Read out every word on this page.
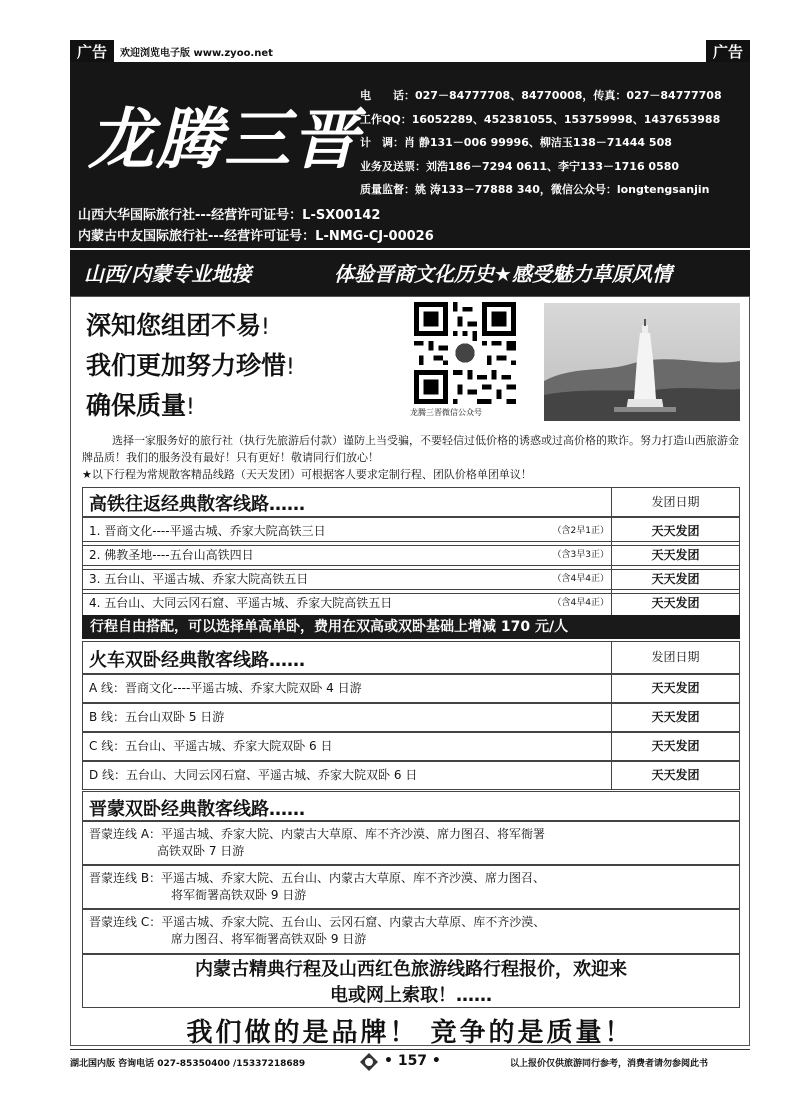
广告	欢迎浏览电子版 www.zyoo.net	广告
龙腾三晋
电　　话：027－84777708、84770008，传真：027－84777708
工作QQ：16052289、452381055、153759998、1437653988
计　调：肖 静131－006 99996、柳洁玉138－71444 508
业务及送票：刘浩186－7294 0611、李宁133－1716 0580
质量监督：姚 涛133－77888 340，微信公众号：longtengsanjin
山西大华国际旅行社---经营许可证号：L-SX00142
内蒙古中友国际旅行社---经营许可证号：L-NMG-CJ-00026
山西/内蒙专业地接	体验晋商文化历史★感受魅力草原风情
深知您组团不易!
我们更加努力珍惜!
确保质量!	龙腾三晋微信公众号
选择一家服务好的旅行社（执行先旅游后付款）谨防上当受骗，不要轻信过低价格的诱惑或过高价格的欺诈。努力打造山西旅游金牌品质！我们的服务没有最好！只有更好！敬请同行们放心！
★以下行程为常规散客精品线路（天天发团）可根据客人要求定制行程、团队价格单团单议！
高铁往返经典散客线路……	发团日期
1. 晋商文化----平遥古城、乔家大院高铁三日	（含2早1正）	天天发团
2. 佛教圣地----五台山高铁四日	（含3早3正）	天天发团
3. 五台山、平遥古城、乔家大院高铁五日	（含4早4正）	天天发团
4. 五台山、大同云冈石窟、平遥古城、乔家大院高铁五日	（含4早4正）	天天发团
行程自由搭配，可以选择单高单卧，费用在双高或双卧基础上增减 170 元/人
火车双卧经典散客线路……	发团日期
A 线：晋商文化----平遥古城、乔家大院双卧 4 日游	天天发团
B 线：五台山双卧 5 日游	天天发团
C 线：五台山、平遥古城、乔家大院双卧 6 日	天天发团
D 线：五台山、大同云冈石窟、平遥古城、乔家大院双卧 6 日	天天发团
晋蒙双卧经典散客线路……
晋蒙连线 A：平遥古城、乔家大院、内蒙古大草原、库不齐沙漠、席力图召、将军衙署
高铁双卧 7 日游
晋蒙连线 B：平遥古城、乔家大院、五台山、内蒙古大草原、库不齐沙漠、席力图召、
将军衙署高铁双卧 9 日游
晋蒙连线 C：平遥古城、乔家大院、五台山、云冈石窟、内蒙古大草原、库不齐沙漠、
席力图召、将军衙署高铁双卧 9 日游
内蒙古精典行程及山西红色旅游线路行程报价，欢迎来
电或网上索取！……
我们做的是品牌！ 竞争的是质量！
湖北国内版 咨询电话 027-85350400 /15337218689	• 157 •	以上报价仅供旅游同行参考，消费者请勿参阅此书
